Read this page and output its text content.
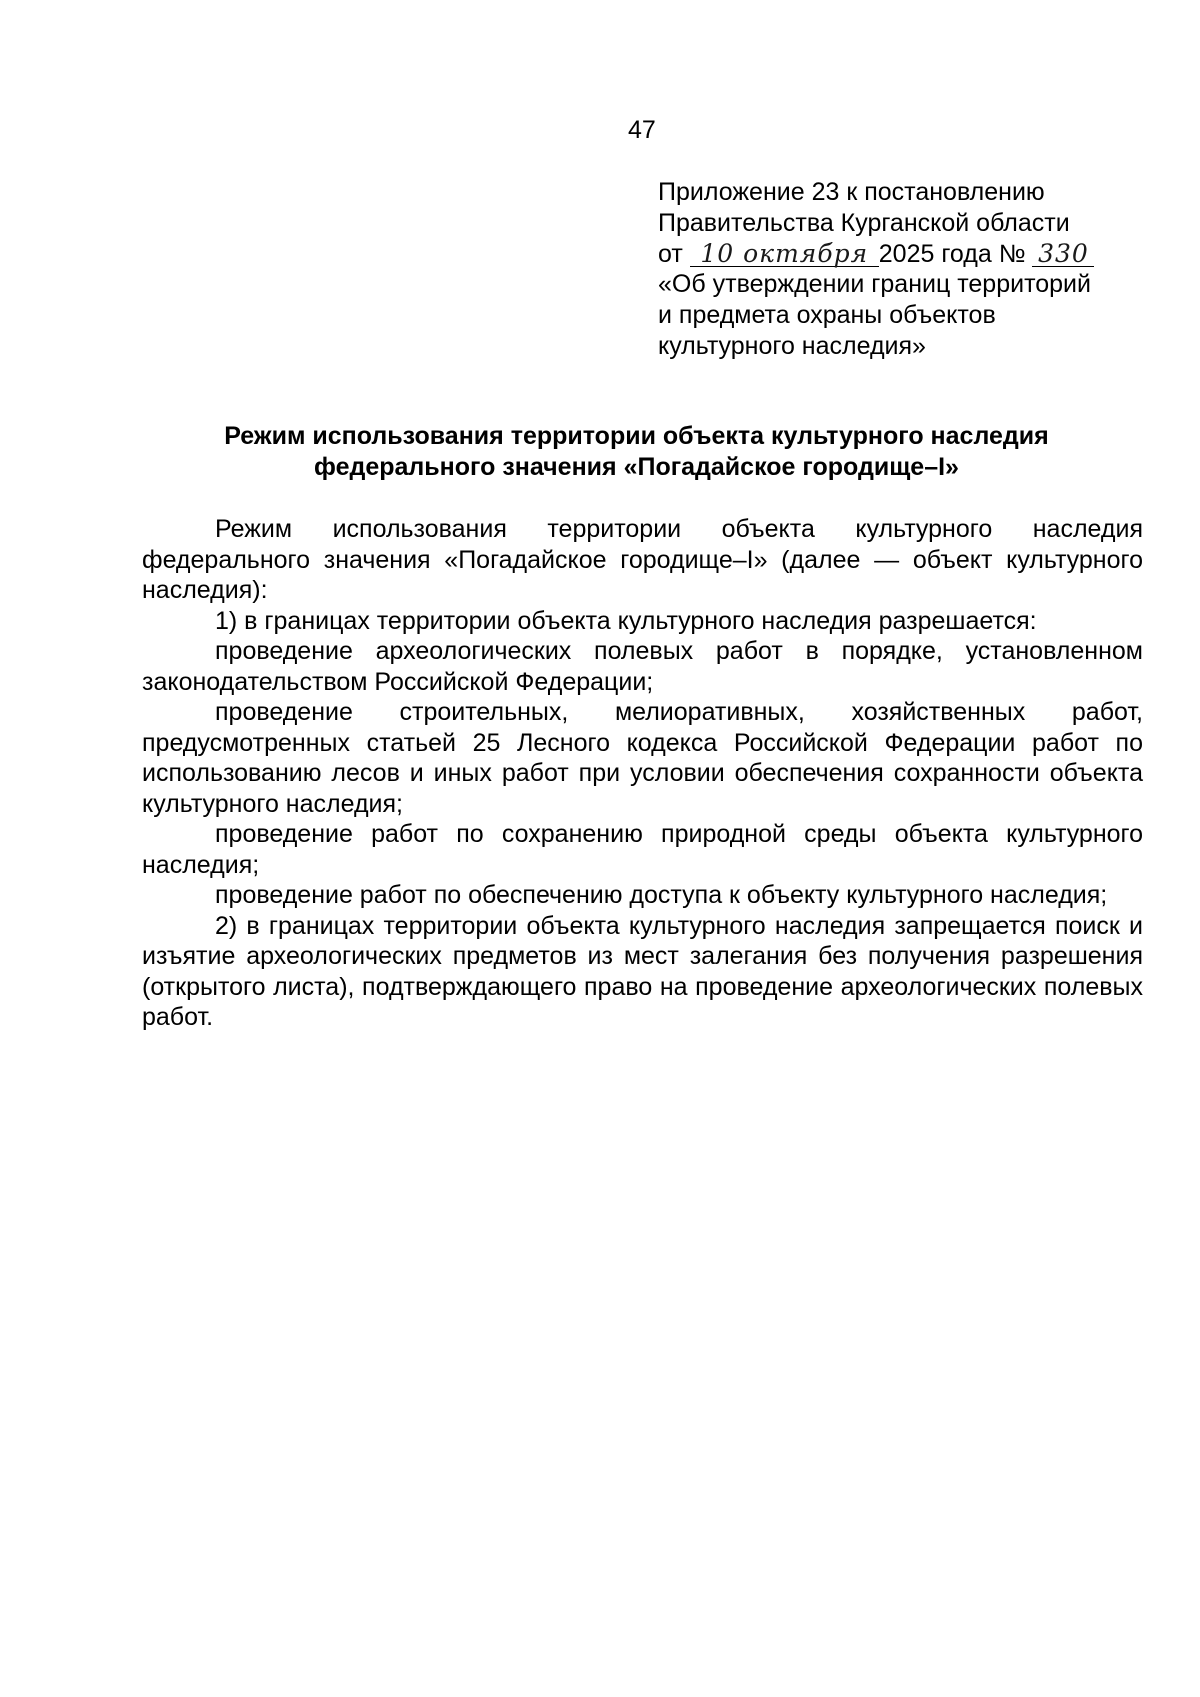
47
Приложение 23 к постановлению
Правительства Курганской области
от 10 октября 2025 года № 330
«Об утверждении границ территорий
и предмета охраны объектов
культурного наследия»
Режим использования территории объекта культурного наследия
федерального значения «Погадайское городище–I»

Режим использования территории объекта культурного наследия федерального значения «Погадайское городище–I» (далее — объект культурного наследия):

1) в границах территории объекта культурного наследия разрешается:

проведение археологических полевых работ в порядке, установленном законодательством Российской Федерации;

проведение строительных, мелиоративных, хозяйственных работ, предусмотренных статьей 25 Лесного кодекса Российской Федерации работ по использованию лесов и иных работ при условии обеспечения сохранности объекта культурного наследия;

проведение работ по сохранению природной среды объекта культурного наследия;

проведение работ по обеспечению доступа к объекту культурного наследия;

2) в границах территории объекта культурного наследия запрещается поиск и изъятие археологических предметов из мест залегания без получения разрешения (открытого листа), подтверждающего право на проведение археологических полевых работ.
